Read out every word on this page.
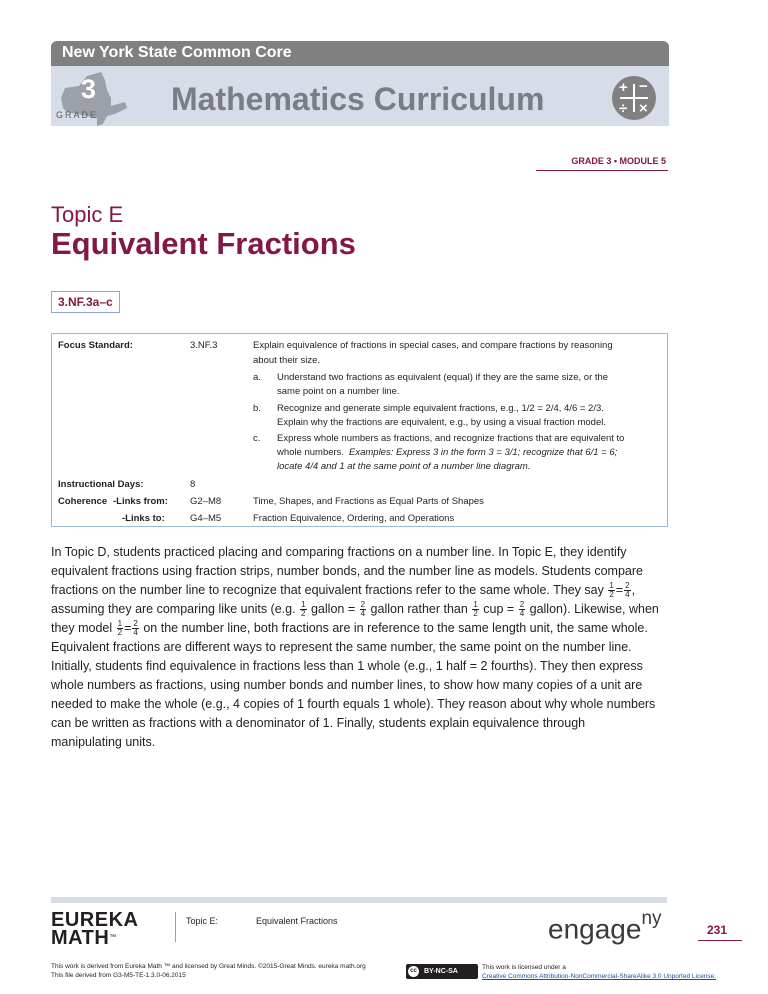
New York State Common Core
3
GRADE Mathematics Curriculum	+ −
÷ ×
GRADE 3 • MODULE 5
Topic E
Equivalent Fractions
3.NF.3a–c
Focus Standard:	3.NF.3	Explain equivalence of fractions in special cases, and compare fractions by reasoning
about their size.
a. Understand two fractions as equivalent (equal) if they are the same size, or the
same point on a number line.
b. Recognize and generate simple equivalent fractions, e.g., 1/2 = 2/4, 4/6 = 2/3.
Explain why the fractions are equivalent, e.g., by using a visual fraction model.
c. Express whole numbers as fractions, and recognize fractions that are equivalent to
whole numbers. Examples: Express 3 in the form 3 = 3/1; recognize that 6/1 = 6;
locate 4/4 and 1 at the same point of a number line diagram.
Instructional Days:	8
Coherence -Links from: G2–M8	Time, Shapes, and Fractions as Equal Parts of Shapes
-Links to:	G4–M5	Fraction Equivalence, Ordering, and Operations
In Topic D, students practiced placing and comparing fractions on a number line. In Topic E, they identify
equivalent fractions using fraction strips, number bonds, and the number line as models. Students compare
fractions on the number line to recognize that equivalent fractions refer to the same whole. They say $\frac{1}{2} = \frac{2}{4}$ ,
assuming they are comparing like units (e.g. $\frac{1}{2}$ gallon = $\frac{2}{4}$ gallon rather than $\frac{1}{2}$ cup = $\frac{2}{4}$ gallon). Likewise, when
they model $\frac{1}{2} = \frac{2}{4}$ on the number line, both fractions are in reference to the same length unit, the same whole.
Equivalent fractions are different ways to represent the same number, the same point on the number line.
Initially, students find equivalence in fractions less than 1 whole (e.g., 1 half = 2 fourths). They then express
whole numbers as fractions, using number bonds and number lines, to show how many copies of a unit are
needed to make the whole (e.g., 4 copies of 1 fourth equals 1 whole). They reason about why whole numbers
can be written as fractions with a denominator of 1. Finally, students explain equivalence through
manipulating units.
EUREKA
MATH™
Topic E:	Equivalent Fractions	engage$^{ny}$
231
This work is derived from Eureka Math ™ and licensed by Great Minds. ©2015-Great Minds. eureka math.org
This file derived from G3-M5-TE-1.3.0-06.2015
cc	BY-NC-SA
This work is licensed under a
Creative Commons Attribution-NonCommercial-ShareAlike 3.0 Unported License.
